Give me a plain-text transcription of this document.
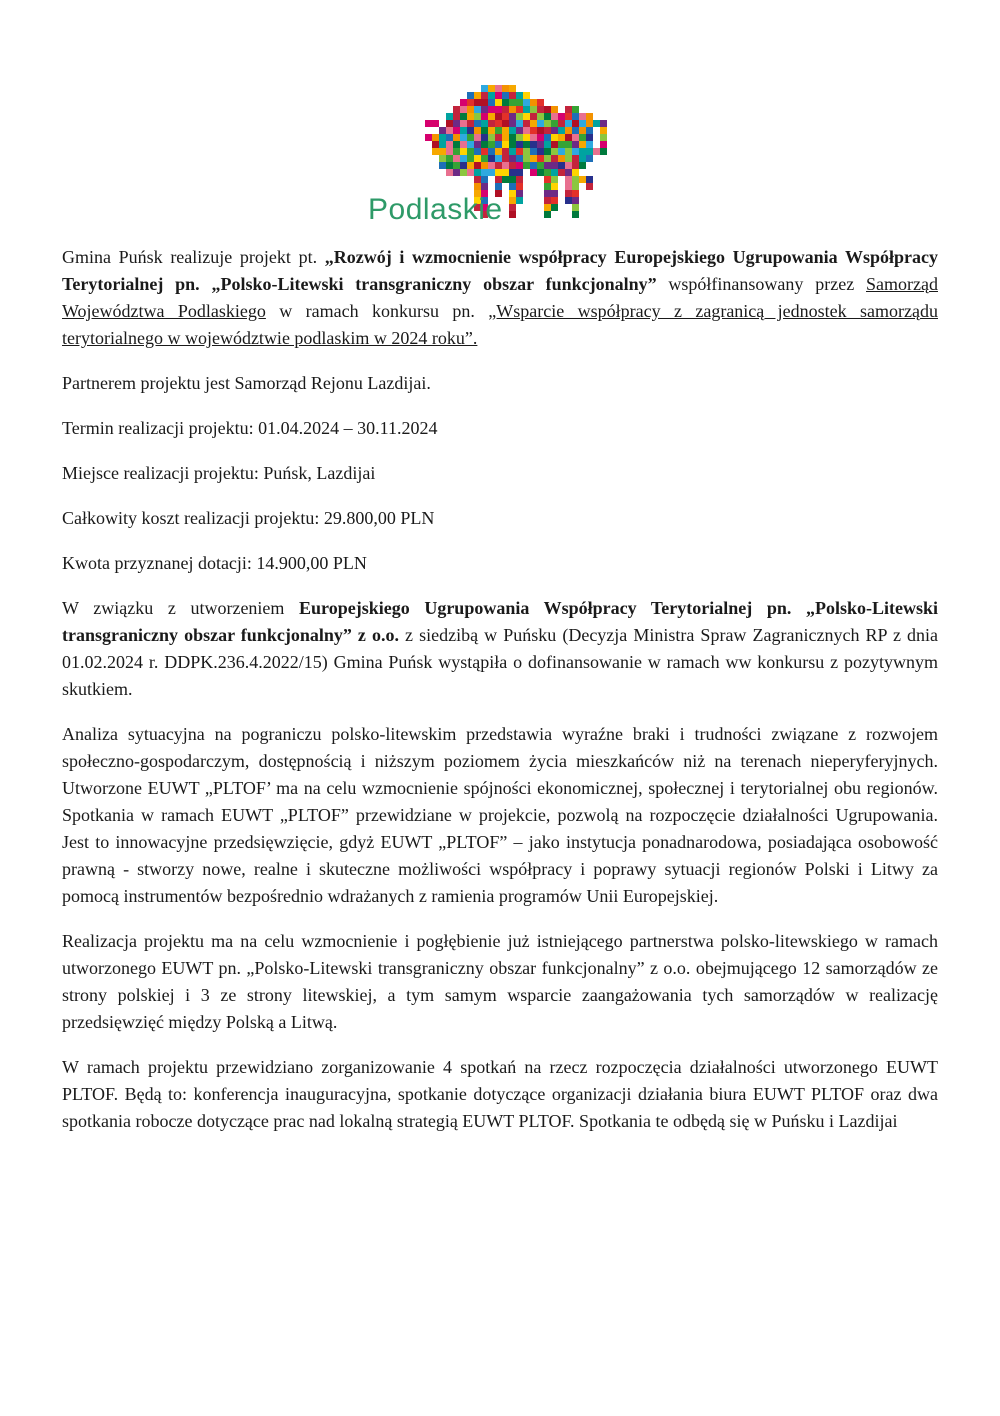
Podlaskie

Gmina Puńsk realizuje projekt pt. „Rozwój i wzmocnienie współpracy Europejskiego Ugrupowania Współpracy Terytorialnej pn. „Polsko-Litewski transgraniczny obszar funkcjonalny” współfinansowany przez Samorząd Województwa Podlaskiego w ramach konkursu pn. „Wsparcie współpracy z zagranicą jednostek samorządu terytorialnego w województwie podlaskim w 2024 roku”.

Partnerem projektu jest Samorząd Rejonu Lazdijai.

Termin realizacji projektu: 01.04.2024 – 30.11.2024

Miejsce realizacji projektu: Puńsk, Lazdijai

Całkowity koszt realizacji projektu: 29.800,00 PLN

Kwota przyznanej dotacji: 14.900,00 PLN

W związku z utworzeniem Europejskiego Ugrupowania Współpracy Terytorialnej pn. „Polsko-Litewski transgraniczny obszar funkcjonalny” z o.o. z siedzibą w Puńsku (Decyzja Ministra Spraw Zagranicznych RP z dnia 01.02.2024 r. DDPK.236.4.2022/15) Gmina Puńsk wystąpiła o dofinansowanie w ramach ww konkursu z pozytywnym skutkiem.

Analiza sytuacyjna na pograniczu polsko-litewskim przedstawia wyraźne braki i trudności związane z rozwojem społeczno-gospodarczym, dostępnością i niższym poziomem życia mieszkańców niż na terenach nieperyferyjnych. Utworzone EUWT „PLTOF’ ma na celu wzmocnienie spójności ekonomicznej, społecznej i terytorialnej obu regionów. Spotkania w ramach EUWT „PLTOF” przewidziane w projekcie, pozwolą na rozpoczęcie działalności Ugrupowania. Jest to innowacyjne przedsięwzięcie, gdyż EUWT „PLTOF” – jako instytucja ponadnarodowa, posiadająca osobowość prawną - stworzy nowe, realne i skuteczne możliwości współpracy i poprawy sytuacji regionów Polski i Litwy za pomocą instrumentów bezpośrednio wdrażanych z ramienia programów Unii Europejskiej.

Realizacja projektu ma na celu wzmocnienie i pogłębienie już istniejącego partnerstwa polsko-litewskiego w ramach utworzonego EUWT pn. „Polsko-Litewski transgraniczny obszar funkcjonalny” z o.o. obejmującego 12 samorządów ze strony polskiej i 3 ze strony litewskiej, a tym samym wsparcie zaangażowania tych samorządów w realizację przedsięwzięć między Polską a Litwą.

W ramach projektu przewidziano zorganizowanie 4 spotkań na rzecz rozpoczęcia działalności utworzonego EUWT PLTOF. Będą to: konferencja inauguracyjna, spotkanie dotyczące organizacji działania biura EUWT PLTOF oraz dwa spotkania robocze dotyczące prac nad lokalną strategią EUWT PLTOF. Spotkania te odbędą się w Puńsku i Lazdijai
